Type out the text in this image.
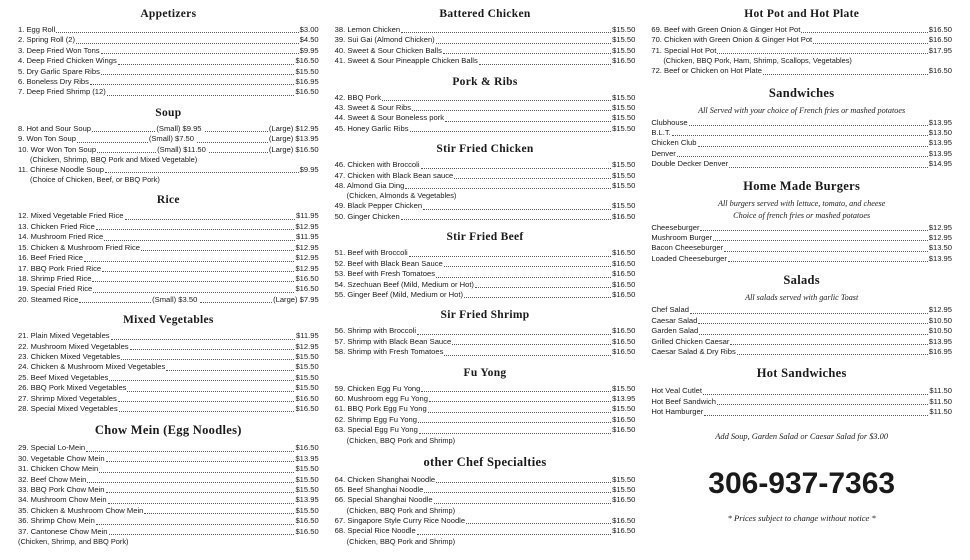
Appetizers
1. Egg Roll	$3.00
2. Spring Roll (2)	$4.50
3. Deep Fried Won Tons	$9.95
4. Deep Fried Chicken Wings	$16.50
5. Dry Garlic Spare Ribs	$15.50
6. Boneless Dry Ribs	$16.95
7. Deep Fried Shrimp (12)	$16.50
Soup
8. Hot and Sour Soup	(Small) $9.95	(Large) $12.95
9. Won Ton Soup	(Small) $7.50	(Large) $13.95
10. Wor Won Ton Soup	(Small) $11.50	(Large) $16.50
(Chicken, Shrimp, BBQ Pork and Mixed Vegetable)
11. Chinese Noodle Soup	$9.95
(Choice of Chicken, Beef, or BBQ Pork)
Rice
12. Mixed Vegetable Fried Rice	$11.95
13. Chicken Fried Rice	$12.95
14. Mushroom Fried Rice	$11.95
15. Chicken & Mushroom Fried Rice	$12.95
16. Beef Fried Rice	$12.95
17. BBQ Pork Fried Rice	$12.95
18. Shrimp Fried Rice	$16.50
19. Special Fried Rice	$16.50
20. Steamed Rice	(Small) $3.50	(Large) $7.95
Mixed Vegetables
21. Plain Mixed Vegetables	$11.95
22. Mushroom Mixed Vegetables	$12.95
23. Chicken Mixed Vegetables	$15.50
24. Chicken & Mushroom Mixed Vegetables	$15.50
25. Beef Mixed Vegetables	$15.50
26. BBQ Pork Mixed Vegetables	$15.50
27. Shrimp Mixed Vegetables	$16.50
28. Special Mixed Vegetables	$16.50
Chow Mein (Egg Noodles)
29. Special Lo-Mein	$16.50
30. Vegetable Chow Mein	$13.95
31. Chicken Chow Mein	$15.50
32. Beef Chow Mein	$15.50
33. BBQ Pork Chow Mein	$15.50
34. Mushroom Chow Mein	$13.95
35. Chicken & Mushroom Chow Mein	$15.50
36. Shrimp Chow Mein	$16.50
37. Cantonese Chow Mein	$16.50
(Chicken, Shrimp, and BBQ Pork)
Battered Chicken
38. Lemon Chicken	$15.50
39. Sui Gai (Almond Chicken)	$15.50
40. Sweet & Sour Chicken Balls	$15.50
41. Sweet & Sour Pineapple Chicken Balls	$16.50
Pork & Ribs
42. BBQ Pork	$15.50
43. Sweet & Sour Ribs	$15.50
44. Sweet & Sour Boneless pork	$15.50
45. Honey Garlic Ribs	$15.50
Stir Fried Chicken
46. Chicken with Broccoli	$15.50
47. Chicken with Black Bean sauce	$15.50
48. Almond Gia Ding	$15.50
(Chicken, Almonds & Vegetables)
49. Black Pepper Chicken	$15.50
50. Ginger Chicken	$16.50
Stir Fried Beef
51. Beef with Broccoli	$16.50
52. Beef with Black Bean Sauce	$16.50
53. Beef with Fresh Tomatoes	$16.50
54. Szechuan Beef (Mild, Medium or Hot)	$16.50
55. Ginger Beef (Mild, Medium or Hot)	$16.50
Sir Fried Shrimp
56. Shrimp with Broccoli	$16.50
57. Shrimp with Black Bean Sauce	$16.50
58. Shrimp with Fresh Tomatoes	$16.50
Fu Yong
59. Chicken Egg Fu Yong	$15.50
60. Mushroom egg Fu Yong	$13.95
61. BBQ Pork Egg Fu Yong	$15.50
62. Shrimp Egg Fu Yong	$16.50
63. Special Egg Fu Yong	$16.50
(Chicken, BBQ Pork and Shrimp)
other Chef Specialties
64. Chicken Shanghai Noodle	$15.50
65. Beef Shanghai Noodle	$15.50
66. Special Shanghai Noodle	$16.50
(Chicken, BBQ Pork and Shrimp)
67. Singapore Style Curry Rice Noodle	$16.50
68. Special Rice Noodle	$16.50
(Chicken, BBQ Pork and Shrimp)
Hot Pot and Hot Plate
69. Beef with Green Onion & Ginger Hot Pot	$16.50
70. Chicken with Green Onion & Ginger Hot Pot	$16.50
71. Special Hot Pot	$17.95
(Chicken, BBQ Pork, Ham, Shrimp, Scallops, Vegetables)
72. Beef or Chicken on Hot Plate	$16.50
Sandwiches
All Served with your choice of French fries or mashed potatoes
Clubhouse	$13.95
B.L.T.	$13.50
Chicken Club	$13.95
Denver	$13.95
Double Decker Denver	$14.95
Home Made Burgers
All burgers served with lettuce, tomato, and cheese
Choice of french fries or mashed potatoes
Cheeseburger	$12.95
Mushroom Burger	$12.95
Bacon Cheeseburger	$13.50
Loaded Cheeseburger	$13.95
Salads
All salads served with garlic Toast
Chef Salad	$12.95
Caesar Salad	$10.50
Garden Salad	$10.50
Grilled Chicken Caesar	$13.95
Caesar Salad & Dry Ribs	$16.95
Hot Sandwiches
Hot Veal Cutlet	$11.50
Hot Beef Sandwich	$11.50
Hot Hamburger	$11.50
Add Soup, Garden Salad or Caesar Salad for $3.00
306-937-7363
* Prices subject to change without notice *
